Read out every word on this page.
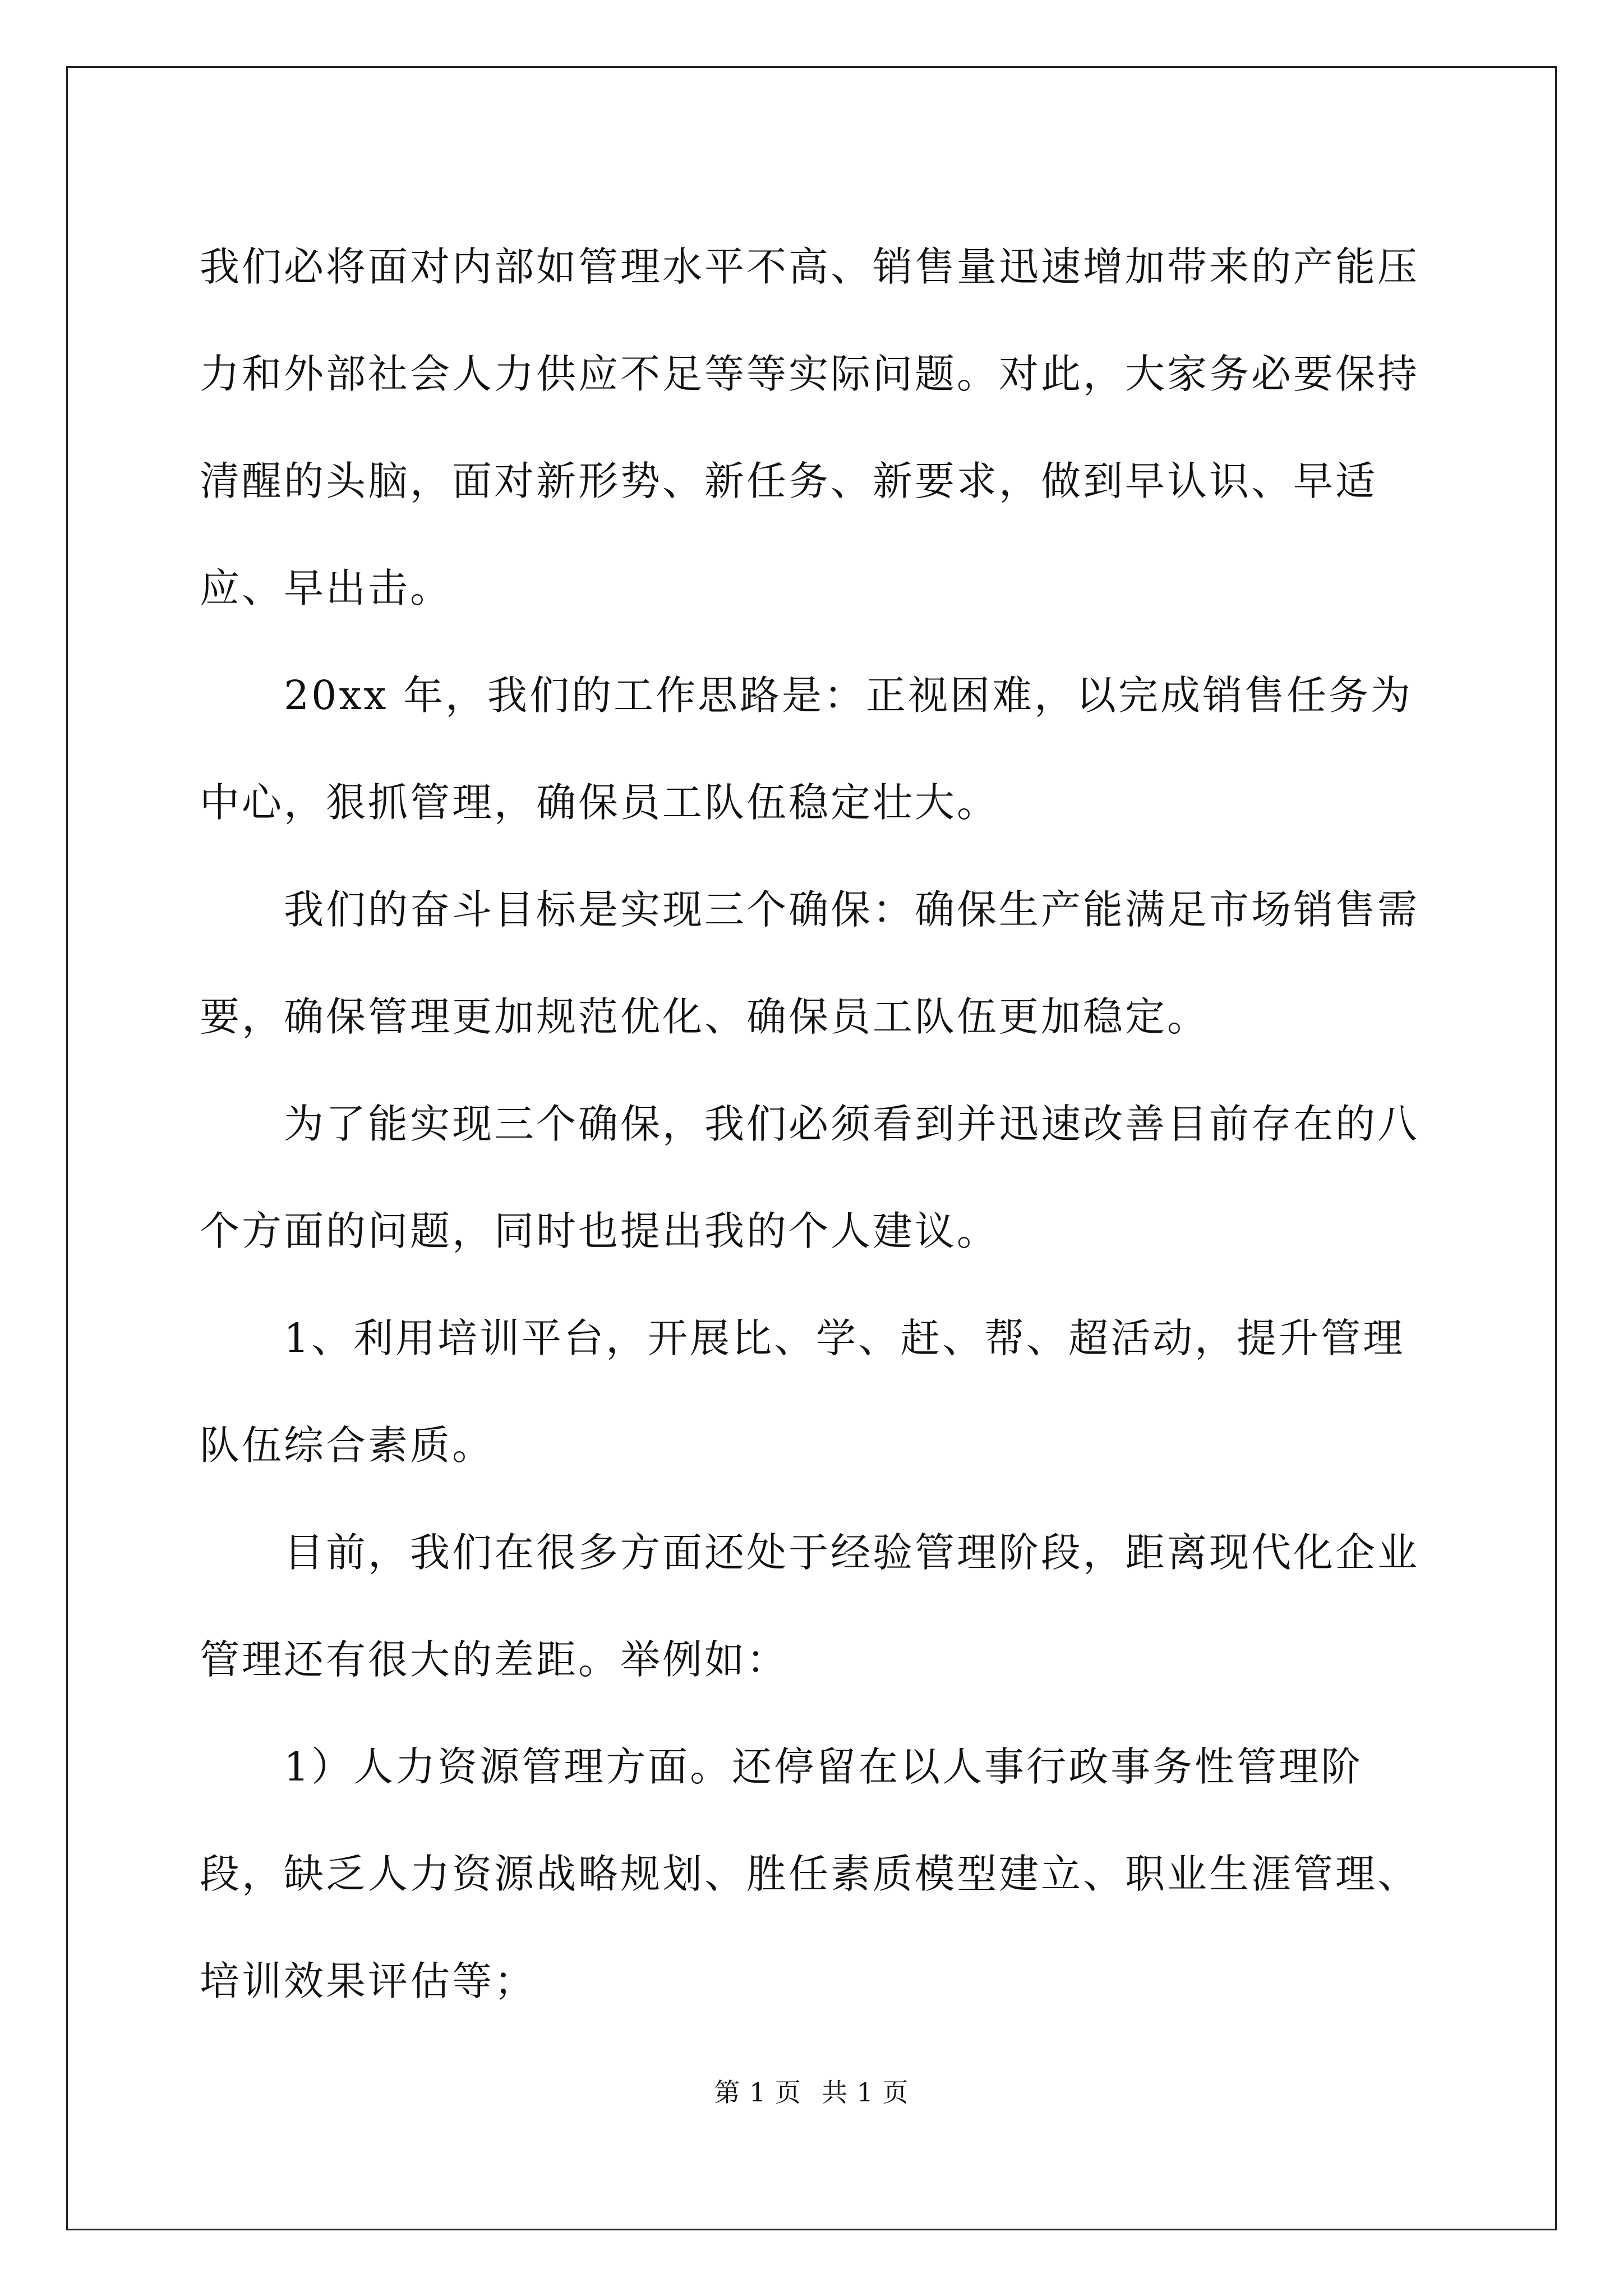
我们必将面对内部如管理水平不高、销售量迅速增加带来的产能压力和外部社会人力供应不足等等实际问题。对此，大家务必要保持清醒的头脑，面对新形势、新任务、新要求，做到早认识、早适应、早出击。

20xx 年，我们的工作思路是：正视困难，以完成销售任务为中心，狠抓管理，确保员工队伍稳定壮大。

我们的奋斗目标是实现三个确保：确保生产能满足市场销售需要，确保管理更加规范优化、确保员工队伍更加稳定。

为了能实现三个确保，我们必须看到并迅速改善目前存在的八个方面的问题，同时也提出我的个人建议。

1、利用培训平台，开展比、学、赶、帮、超活动，提升管理队伍综合素质。

目前，我们在很多方面还处于经验管理阶段，距离现代化企业管理还有很大的差距。举例如：

1）人力资源管理方面。还停留在以人事行政事务性管理阶段，缺乏人力资源战略规划、胜任素质模型建立、职业生涯管理、培训效果评估等；

第 1 页 共 1 页
